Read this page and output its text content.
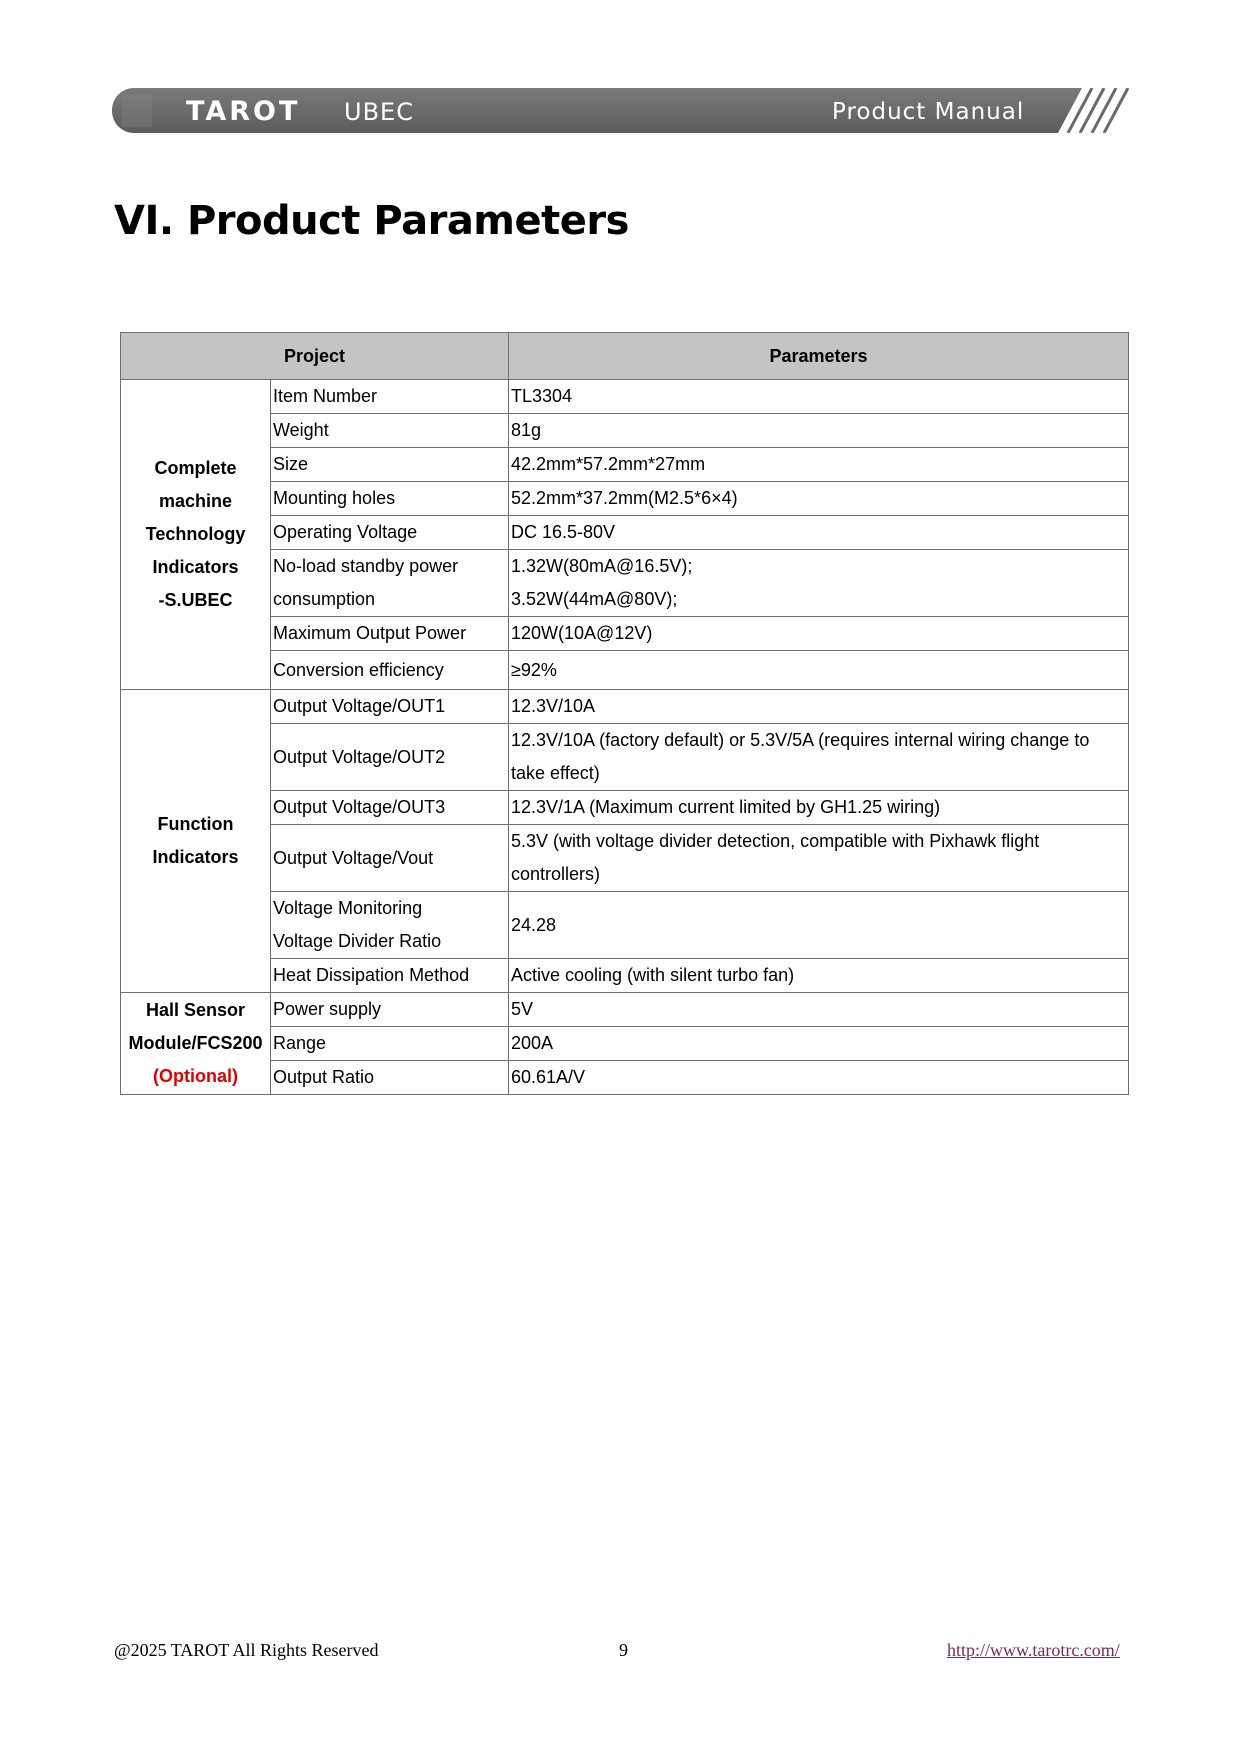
TAROT UBEC	Product Manual
VI. Product Parameters
Project		Parameters

Complete
machine
Technology
Indicators
-S.UBEC	Item Number	TL3304
	Weight	81g
	Size	42.2mm*57.2mm*27mm
	Mounting holes	52.2mm*37.2mm(M2.5*6×4)
	Operating Voltage	DC 16.5-80V
	No-load standby power consumption	1.32W(80mA@16.5V); 3.52W(44mA@80V);
	Maximum Output Power	120W(10A@12V)
	Conversion efficiency	≥92%

Function
Indicators	Output Voltage/OUT1	12.3V/10A
	Output Voltage/OUT2	12.3V/10A (factory default) or 5.3V/5A (requires internal wiring change to take effect)
	Output Voltage/OUT3	12.3V/1A (Maximum current limited by GH1.25 wiring)
	Output Voltage/Vout	5.3V (with voltage divider detection, compatible with Pixhawk flight controllers)
	Voltage Monitoring Voltage Divider Ratio	24.28
	Heat Dissipation Method	Active cooling (with silent turbo fan)

Hall Sensor
Module/FCS200
(Optional)	Power supply	5V
	Range	200A
	Output Ratio	60.61A/V
@2025 TAROT All Rights Reserved	9	http://www.tarotrc.com/
